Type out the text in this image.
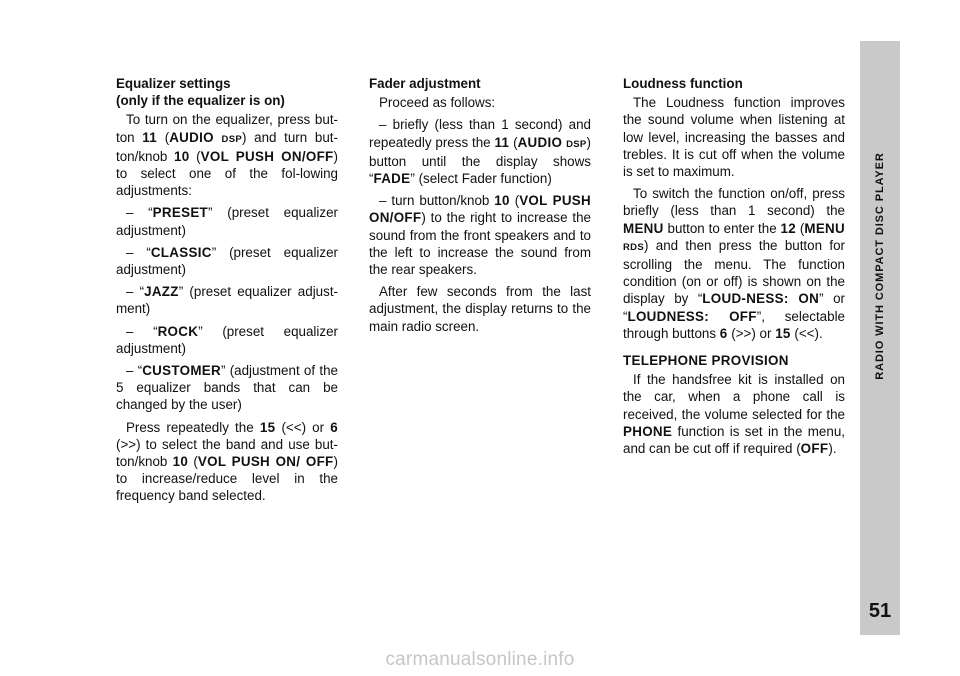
Equalizer settings
(only if the equalizer is on)

To turn on the equalizer, press but-ton 11 (AUDIO DSP) and turn but-ton/knob 10 (VOL PUSH ON/OFF) to select one of the fol-lowing adjustments:

– “PRESET” (preset equalizer adjustment)

– “CLASSIC” (preset equalizer adjustment)

– “JAZZ” (preset equalizer adjust-ment)

– “ROCK” (preset equalizer adjustment)

– “CUSTOMER” (adjustment of the 5 equalizer bands that can be changed by the user)

Press repeatedly the 15 (<<) or 6 (>>) to select the band and use but-ton/knob 10 (VOL PUSH ON/ OFF) to increase/reduce level in the frequency band selected.

Fader adjustment

Proceed as follows:

– briefly (less than 1 second) and repeatedly press the 11 (AUDIO DSP) button until the display shows “FADE” (select Fader function)

– turn button/knob 10 (VOL PUSH ON/OFF) to the right to increase the sound from the front speakers and to the left to increase the sound from the rear speakers.

After few seconds from the last adjustment, the display returns to the main radio screen.

Loudness function

The Loudness function improves the sound volume when listening at low level, increasing the basses and trebles. It is cut off when the volume is set to maximum.

To switch the function on/off, press briefly (less than 1 second) the MENU button to enter the 12 (MENU RDS) and then press the button for scrolling the menu. The function condition (on or off) is shown on the display by “LOUD-NESS: ON” or “LOUDNESS: OFF”, selectable through buttons 6 (>>) or 15 (<<).

TELEPHONE PROVISION

If the handsfree kit is installed on the car, when a phone call is received, the volume selected for the PHONE function is set in the menu, and can be cut off if required (OFF).

RADIO WITH COMPACT DISC PLAYER
51
carmanualsonline.info
